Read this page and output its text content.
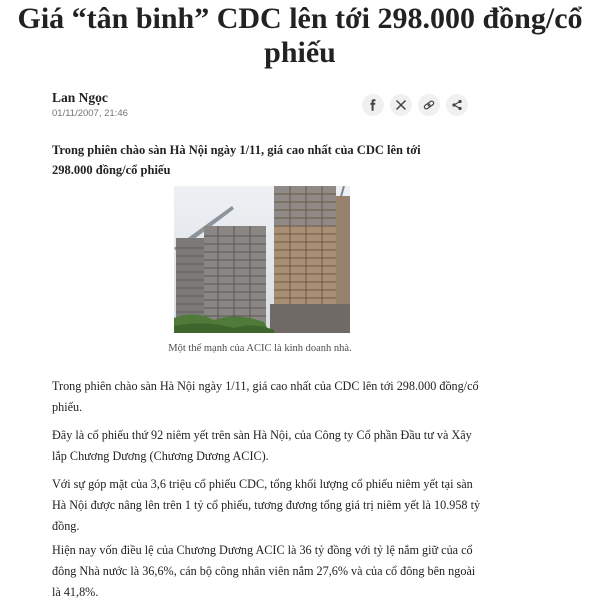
Giá “tân binh” CDC lên tới 298.000 đồng/cổ phiếu
Lan Ngọc
01/11/2007, 21:46

Trong phiên chào sàn Hà Nội ngày 1/11, giá cao nhất của CDC lên tới 298.000 đồng/cổ phiếu

Một thế mạnh của ACIC là kinh doanh nhà.

Trong phiên chào sàn Hà Nội ngày 1/11, giá cao nhất của CDC lên tới 298.000 đồng/cổ phiếu.

Đây là cổ phiếu thứ 92 niêm yết trên sàn Hà Nội, của Công ty Cổ phần Đầu tư và Xây lắp Chương Dương (Chương Dương ACIC).

Với sự góp mặt của 3,6 triệu cổ phiếu CDC, tổng khối lượng cổ phiếu niêm yết tại sàn Hà Nội được nâng lên trên 1 tỷ cổ phiếu, tương đương tổng giá trị niêm yết là 10.958 tỷ đồng.

Hiện nay vốn điều lệ của Chương Dương ACIC là 36 tỷ đồng với tỷ lệ nắm giữ của cổ đông Nhà nước là 36,6%, cán bộ công nhân viên nắm 27,6% và của cổ đông bên ngoài là 41,8%.
